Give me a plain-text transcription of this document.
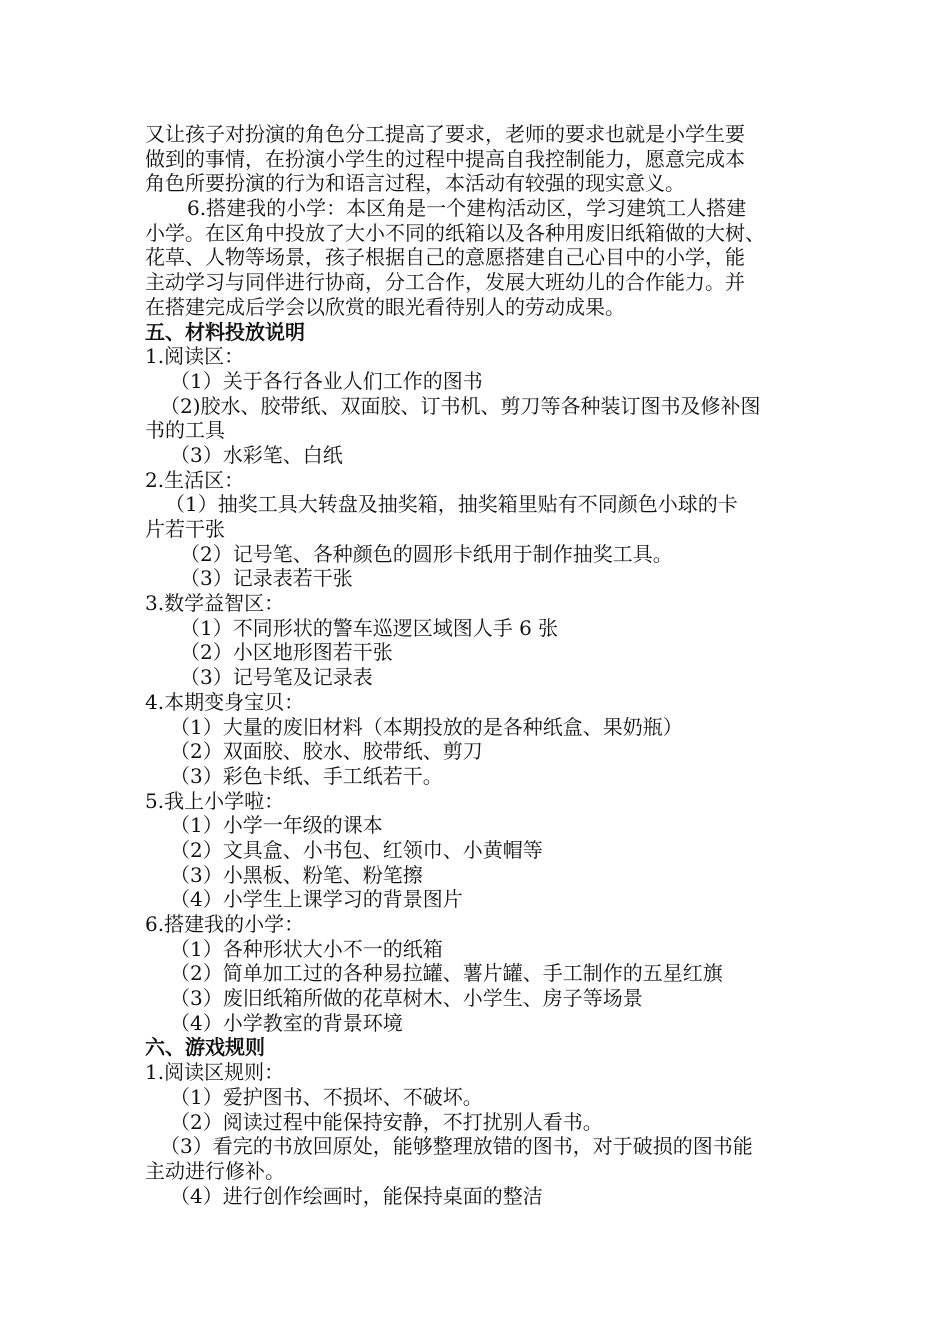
又让孩子对扮演的角色分工提高了要求，老师的要求也就是小学生要
做到的事情，在扮演小学生的过程中提高自我控制能力，愿意完成本
角色所要扮演的行为和语言过程，本活动有较强的现实意义。
6.搭建我的小学：本区角是一个建构活动区，学习建筑工人搭建
小学。在区角中投放了大小不同的纸箱以及各种用废旧纸箱做的大树、
花草、人物等场景，孩子根据自己的意愿搭建自己心目中的小学，能
主动学习与同伴进行协商，分工合作，发展大班幼儿的合作能力。并
在搭建完成后学会以欣赏的眼光看待别人的劳动成果。
五、材料投放说明
1.阅读区：
（1）关于各行各业人们工作的图书
（2)胶水、胶带纸、双面胶、订书机、剪刀等各种装订图书及修补图
书的工具
（3）水彩笔、白纸
2.生活区：
（1）抽奖工具大转盘及抽奖箱，抽奖箱里贴有不同颜色小球的卡
片若干张
（2）记号笔、各种颜色的圆形卡纸用于制作抽奖工具。
（3）记录表若干张
3.数学益智区：
（1）不同形状的警车巡逻区域图人手 6 张
（2）小区地形图若干张
（3）记号笔及记录表
4.本期变身宝贝：
（1）大量的废旧材料（本期投放的是各种纸盒、果奶瓶）
（2）双面胶、胶水、胶带纸、剪刀
（3）彩色卡纸、手工纸若干。
5.我上小学啦：
（1）小学一年级的课本
（2）文具盒、小书包、红领巾、小黄帽等
（3）小黑板、粉笔、粉笔擦
（4）小学生上课学习的背景图片
6.搭建我的小学：
（1）各种形状大小不一的纸箱
（2）简单加工过的各种易拉罐、薯片罐、手工制作的五星红旗
（3）废旧纸箱所做的花草树木、小学生、房子等场景
（4）小学教室的背景环境
六、游戏规则
1.阅读区规则：
（1）爱护图书、不损坏、不破坏。
（2）阅读过程中能保持安静，不打扰别人看书。
（3）看完的书放回原处，能够整理放错的图书，对于破损的图书能
主动进行修补。
（4）进行创作绘画时，能保持桌面的整洁
